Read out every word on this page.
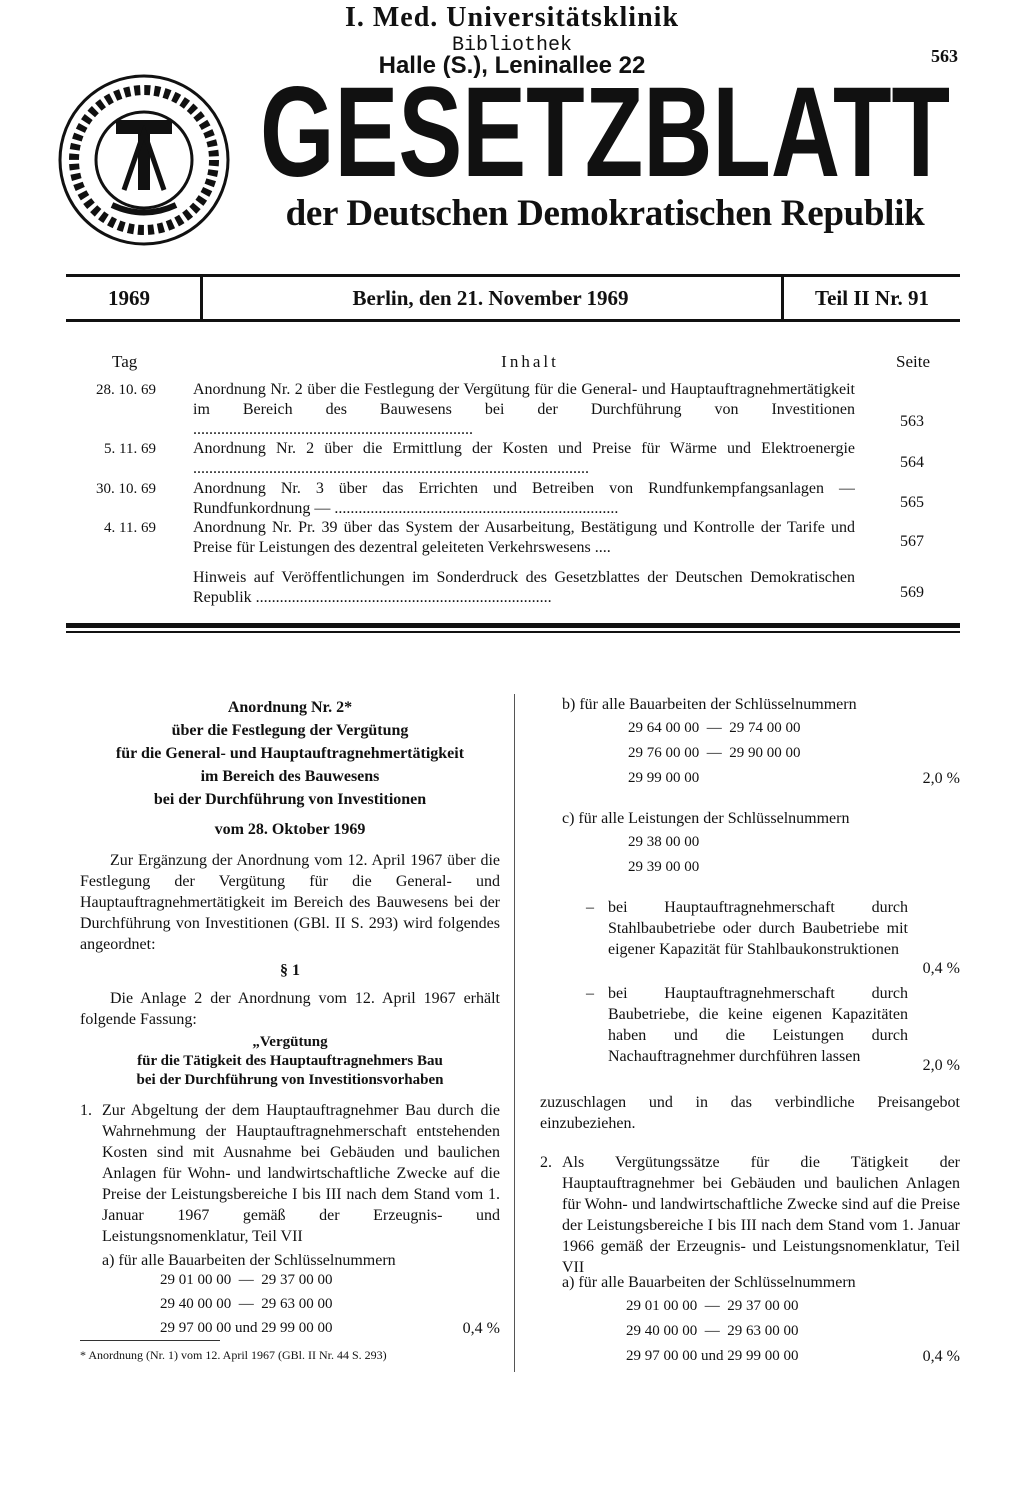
I. Med. Universitätsklinik
Bibliothek
Halle (S.), Leninallee 22	563
GESETZBLATT
der Deutschen Demokratischen Republik
1969	Berlin, den 21. November 1969	Teil II Nr. 91
Tag	Inhalt	Seite
28. 10. 69 Anordnung Nr. 2 über die Festlegung der Vergütung für die General- und Hauptauftragnehmertätigkeit im Bereich des Bauwesens bei der Durchführung von Investitionen ......................................................................	563
5. 11. 69 Anordnung Nr. 2 über die Ermittlung der Kosten und Preise für Wärme und Elektroenergie ...................................................................................................	564
30. 10. 69 Anordnung Nr. 3 über das Errichten und Betreiben von Rundfunkempfangsanlagen — Rundfunkordnung — .......................................................................	565
4. 11. 69 Anordnung Nr. Pr. 39 über das System der Ausarbeitung, Bestätigung und Kontrolle der Tarife und Preise für Leistungen des dezentral geleiteten Verkehrswesens ....	567
Hinweis auf Veröffentlichungen im Sonderdruck des Gesetzblattes der Deutschen Demokratischen Republik ..........................................................................	569
Anordnung Nr. 2*
über die Festlegung der Vergütung
für die General- und Hauptauftragnehmertätigkeit
im Bereich des Bauwesens
bei der Durchführung von Investitionen
vom 28. Oktober 1969
Zur Ergänzung der Anordnung vom 12. April 1967 über die Festlegung der Vergütung für die General- und Hauptauftragnehmertätigkeit im Bereich des Bauwesens bei der Durchführung von Investitionen (GBl. II S. 293) wird folgendes angeordnet:
§ 1
Die Anlage 2 der Anordnung vom 12. April 1967 erhält folgende Fassung:
„Vergütung
für die Tätigkeit des Hauptauftragnehmers Bau
bei der Durchführung von Investitionsvorhaben
1. Zur Abgeltung der dem Hauptauftragnehmer Bau durch die Wahrnehmung der Hauptauftragnehmerschaft entstehenden Kosten sind mit Ausnahme bei Gebäuden und baulichen Anlagen für Wohn- und landwirtschaftliche Zwecke auf die Preise der Leistungsbereiche I bis III nach dem Stand vom 1. Januar 1967 gemäß der Erzeugnis- und Leistungsnomenklatur, Teil VII
a) für alle Bauarbeiten der Schlüsselnummern
29 01 00 00  —  29 37 00 00
29 40 00 00  —  29 63 00 00
29 97 00 00 und 29 99 00 00	0,4 %
* Anordnung (Nr. 1) vom 12. April 1967 (GBl. II Nr. 44 S. 293)
b) für alle Bauarbeiten der Schlüsselnummern
29 64 00 00  —  29 74 00 00
29 76 00 00  —  29 90 00 00
29 99 00 00	2,0 %
c) für alle Leistungen der Schlüsselnummern
29 38 00 00
29 39 00 00
– bei Hauptauftragnehmerschaft durch Stahlbaubetriebe oder durch Baubetriebe mit eigener Kapazität für Stahlbaukonstruktionen
0,4 %
– bei Hauptauftragnehmerschaft durch Baubetriebe, die keine eigenen Kapazitäten haben und die Leistungen durch Nachauftragnehmer durchführen lassen
2,0 %
zuzuschlagen und in das verbindliche Preisangebot einzubeziehen.
2. Als Vergütungssätze für die Tätigkeit der Hauptauftragnehmer bei Gebäuden und baulichen Anlagen für Wohn- und landwirtschaftliche Zwecke sind auf die Preise der Leistungsbereiche I bis III nach dem Stand vom 1. Januar 1966 gemäß der Erzeugnis- und Leistungsnomenklatur, Teil VII
a) für alle Bauarbeiten der Schlüsselnummern
29 01 00 00  —  29 37 00 00
29 40 00 00  —  29 63 00 00
29 97 00 00 und 29 99 00 00	0,4 %
